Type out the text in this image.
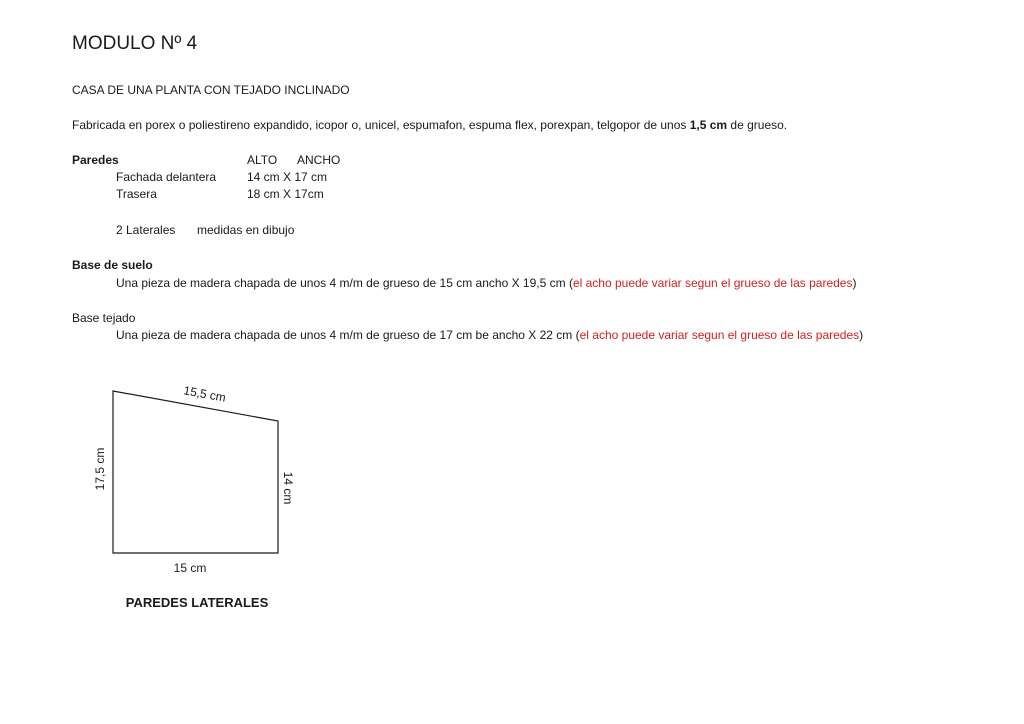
MODULO Nº 4
CASA DE UNA PLANTA CON TEJADO INCLINADO
Fabricada en porex o poliestireno expandido, icopor o, unicel, espumafon, espuma flex, porexpan, telgopor de unos 1,5 cm de grueso.
Paredes	ALTO ANCHO
Fachada delantera	14 cm X 17 cm
Trasera	18 cm X 17cm
2 Laterales medidas en dibujo
Base de suelo
Una pieza de madera chapada de unos 4 m/m de grueso de 15 cm ancho X 19,5 cm (el acho puede variar segun el grueso de las paredes)
Base tejado
Una pieza de madera chapada de unos 4 m/m de grueso de 17 cm be ancho X 22 cm (el acho puede variar segun el grueso de las paredes)
15,5 cm
17,5 cm	14 cm
15 cm
PAREDES LATERALES
